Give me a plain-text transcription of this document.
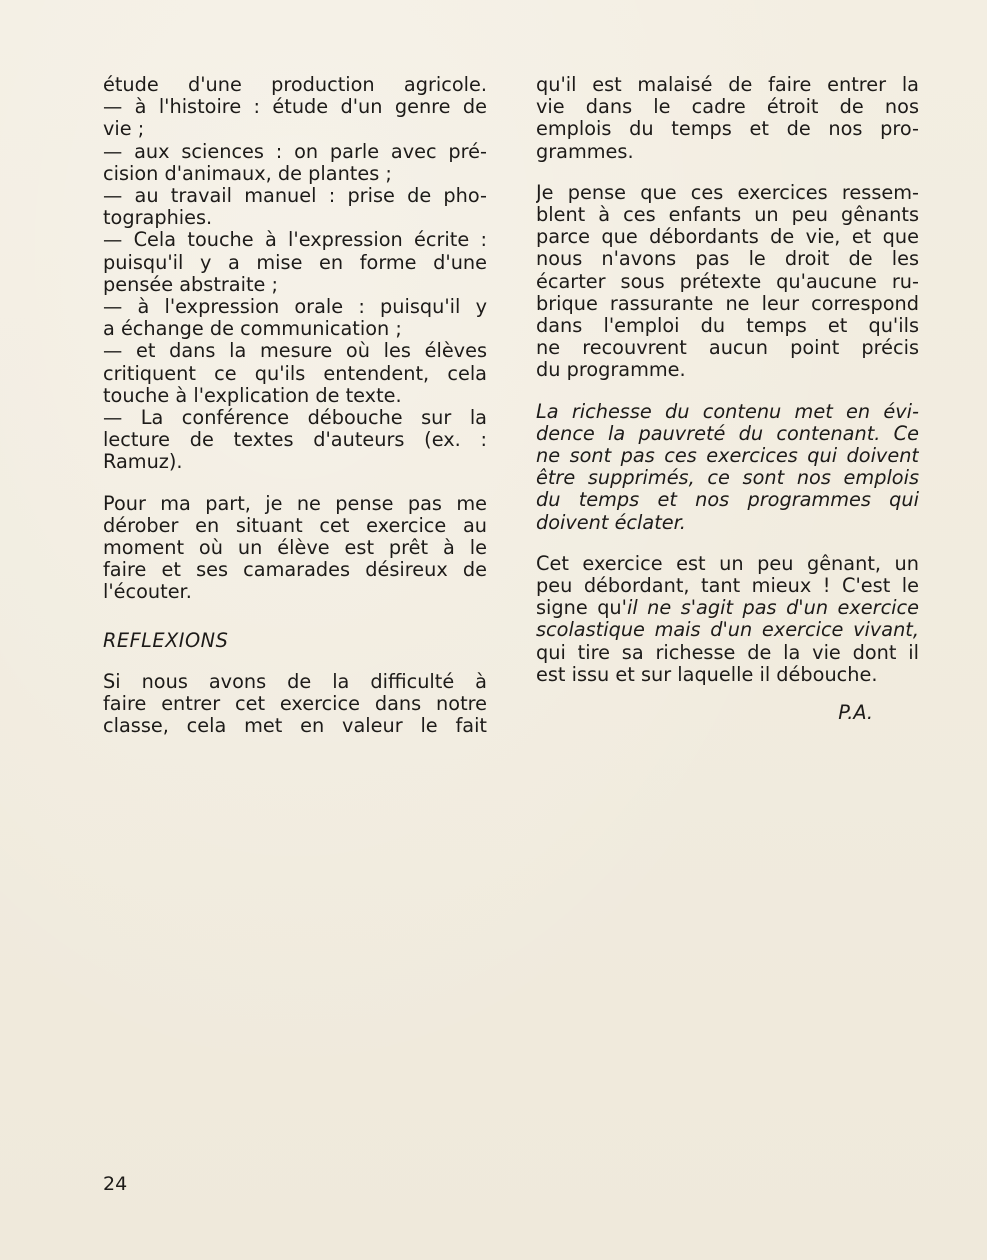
étude d'une production agricole.
— à l'histoire : étude d'un genre de
vie ;
— aux sciences : on parle avec pré-
cision d'animaux, de plantes ;
— au travail manuel : prise de pho-
tographies.
— Cela touche à l'expression écrite :
puisqu'il y a mise en forme d'une
pensée abstraite ;
— à l'expression orale : puisqu'il y
a échange de communication ;
— et dans la mesure où les élèves
critiquent ce qu'ils entendent, cela
touche à l'explication de texte.
— La conférence débouche sur la
lecture de textes d'auteurs (ex. :
Ramuz).
Pour ma part, je ne pense pas me
dérober en situant cet exercice au
moment où un élève est prêt à le
faire et ses camarades désireux de
l'écouter.
REFLEXIONS
Si nous avons de la difficulté à
faire entrer cet exercice dans notre
classe, cela met en valeur le fait
qu'il est malaisé de faire entrer la
vie dans le cadre étroit de nos
emplois du temps et de nos pro-
grammes.
Je pense que ces exercices ressem-
blent à ces enfants un peu gênants
parce que débordants de vie, et que
nous n'avons pas le droit de les
écarter sous prétexte qu'aucune ru-
brique rassurante ne leur correspond
dans l'emploi du temps et qu'ils
ne recouvrent aucun point précis
du programme.
La richesse du contenu met en évi-
dence la pauvreté du contenant. Ce
ne sont pas ces exercices qui doivent
être supprimés, ce sont nos emplois
du temps et nos programmes qui
doivent éclater.
Cet exercice est un peu gênant, un
peu débordant, tant mieux ! C'est le
signe qu'il ne s'agit pas d'un exercice
scolastique mais d'un exercice vivant,
qui tire sa richesse de la vie dont il
est issu et sur laquelle il débouche.
P.A.
24
